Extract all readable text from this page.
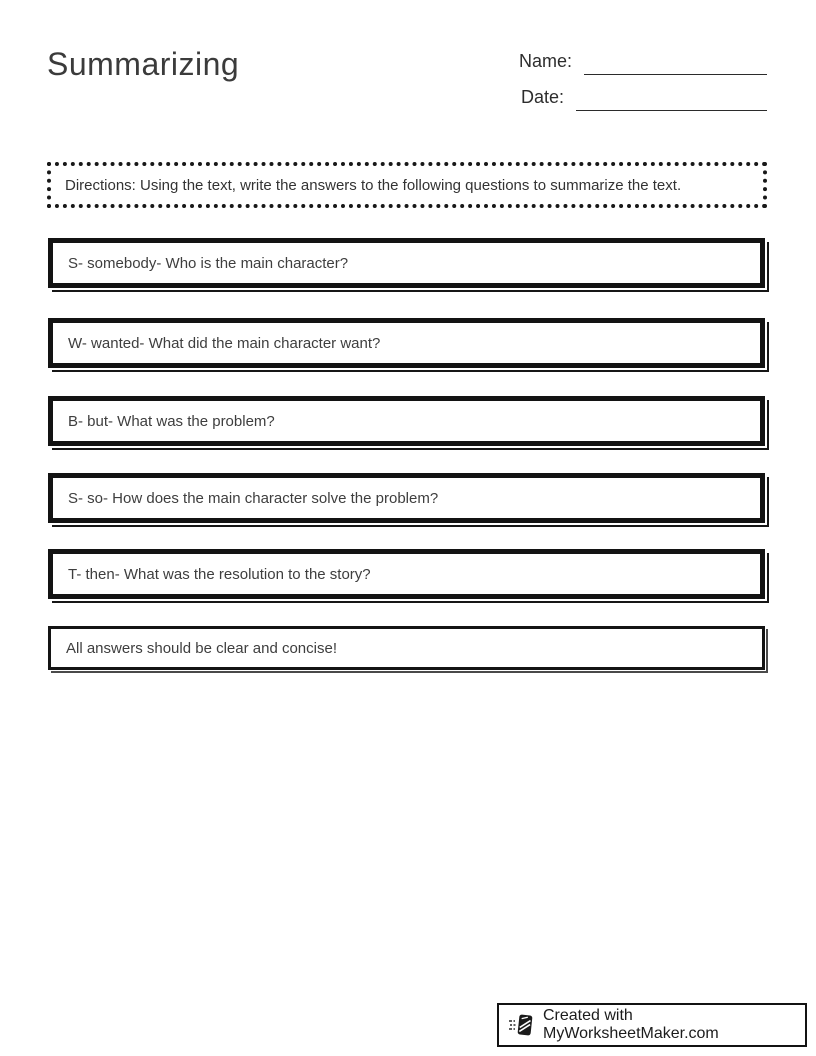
Summarizing	Name:
Date:
Directions: Using the text, write the answers to the following questions to summarize the text.
S- somebody- Who is the main character?
W- wanted- What did the main character want?
B- but- What was the problem?
S- so- How does the main character solve the problem?
T- then- What was the resolution to the story?
All answers should be clear and concise!
Created with MyWorksheetMaker.com
